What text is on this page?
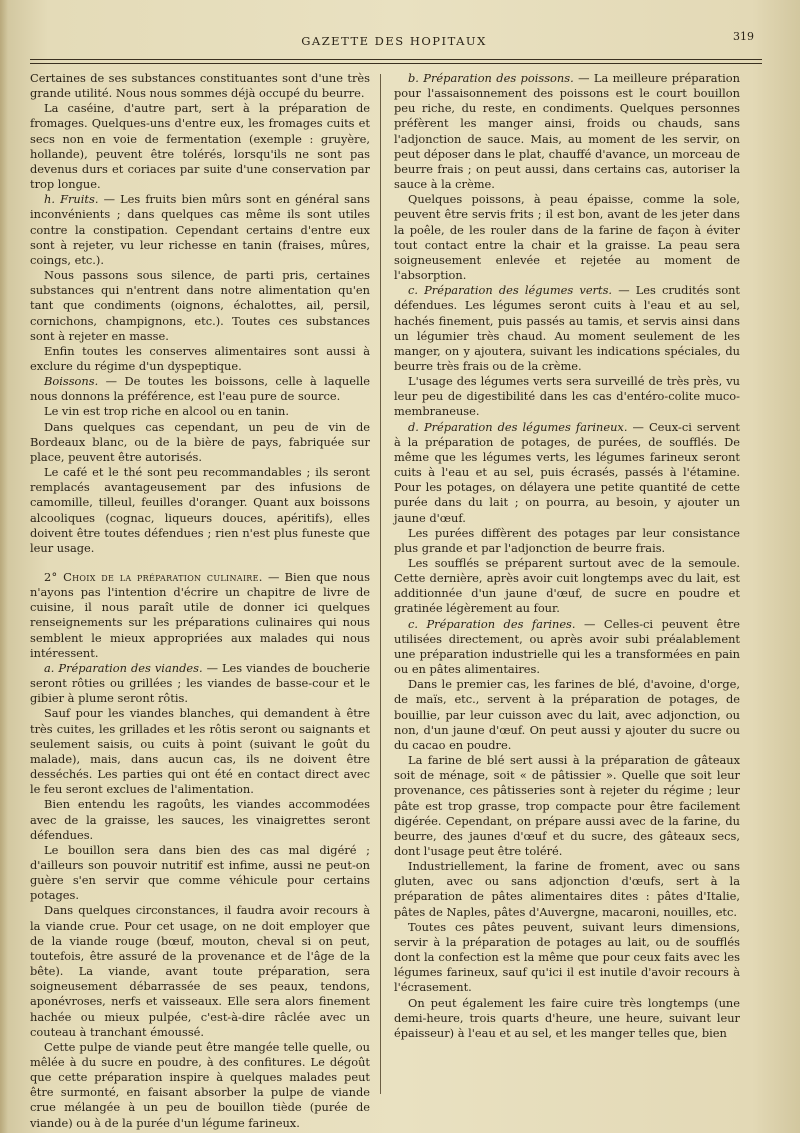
GAZETTE DES HOPITAUX	319

Certaines de ses substances constituantes sont d'une très grande utilité. Nous nous sommes déjà occupé du beurre.

La caséine, d'autre part, sert à la préparation de fromages. Quelques-uns d'entre eux, les fromages cuits et secs non en voie de fermentation (exemple : gruyère, hollande), peuvent être tolérés, lorsqu'ils ne sont pas devenus durs et coriaces par suite d'une conservation par trop longue.

h. Fruits. — Les fruits bien mûrs sont en général sans inconvénients ; dans quelques cas même ils sont utiles contre la constipation. Cependant certains d'entre eux sont à rejeter, vu leur richesse en tanin (fraises, mûres, coings, etc.).

Nous passons sous silence, de parti pris, certaines substances qui n'entrent dans notre alimentation qu'en tant que condiments (oignons, échalottes, ail, persil, cornichons, champignons, etc.). Toutes ces substances sont à rejeter en masse.

Enfin toutes les conserves alimentaires sont aussi à exclure du régime d'un dyspeptique.

Boissons. — De toutes les boissons, celle à laquelle nous donnons la préférence, est l'eau pure de source.

Le vin est trop riche en alcool ou en tanin.

Dans quelques cas cependant, un peu de vin de Bordeaux blanc, ou de la bière de pays, fabriquée sur place, peuvent être autorisés.

Le café et le thé sont peu recommandables ; ils seront remplacés avantageusement par des infusions de camomille, tilleul, feuilles d'oranger. Quant aux boissons alcooliques (cognac, liqueurs douces, apéritifs), elles doivent être toutes défendues ; rien n'est plus funeste que leur usage.

2° Choix de la préparation culinaire. — Bien que nous n'ayons pas l'intention d'écrire un chapitre de livre de cuisine, il nous paraît utile de donner ici quelques renseignements sur les préparations culinaires qui nous semblent le mieux appropriées aux malades qui nous intéressent.

a. Préparation des viandes. — Les viandes de boucherie seront rôties ou grillées ; les viandes de basse-cour et le gibier à plume seront rôtis.

Sauf pour les viandes blanches, qui demandent à être très cuites, les grillades et les rôtis seront ou saignants et seulement saisis, ou cuits à point (suivant le goût du malade), mais, dans aucun cas, ils ne doivent être desséchés. Les parties qui ont été en contact direct avec le feu seront exclues de l'alimentation.

Bien entendu les ragoûts, les viandes accommodées avec de la graisse, les sauces, les vinaigrettes seront défendues.

Le bouillon sera dans bien des cas mal digéré ; d'ailleurs son pouvoir nutritif est infime, aussi ne peut-on guère s'en servir que comme véhicule pour certains potages.

Dans quelques circonstances, il faudra avoir recours à la viande crue. Pour cet usage, on ne doit employer que de la viande rouge (bœuf, mouton, cheval si on peut, toutefois, être assuré de la provenance et de l'âge de la bête). La viande, avant toute préparation, sera soigneusement débarrassée de ses peaux, tendons, aponévroses, nerfs et vaisseaux. Elle sera alors finement hachée ou mieux pulpée, c'est-à-dire râclée avec un couteau à tranchant émoussé.

Cette pulpe de viande peut être mangée telle quelle, ou mêlée à du sucre en poudre, à des confitures. Le dégoût que cette préparation inspire à quelques malades peut être surmonté, en faisant absorber la pulpe de viande crue mélangée à un peu de bouillon tiède (purée de viande) ou à de la purée d'un légume farineux.

b. Préparation des poissons. — La meilleure préparation pour l'assaisonnement des poissons est le court bouillon peu riche, du reste, en condiments. Quelques personnes préfèrent les manger ainsi, froids ou chauds, sans l'adjonction de sauce. Mais, au moment de les servir, on peut déposer dans le plat, chauffé d'avance, un morceau de beurre frais ; on peut aussi, dans certains cas, autoriser la sauce à la crème.

Quelques poissons, à peau épaisse, comme la sole, peuvent être servis frits ; il est bon, avant de les jeter dans la poêle, de les rouler dans de la farine de façon à éviter tout contact entre la chair et la graisse. La peau sera soigneusement enlevée et rejetée au moment de l'absorption.

c. Préparation des légumes verts. — Les crudités sont défendues. Les légumes seront cuits à l'eau et au sel, hachés finement, puis passés au tamis, et servis ainsi dans un légumier très chaud. Au moment seulement de les manger, on y ajoutera, suivant les indications spéciales, du beurre très frais ou de la crème.

L'usage des légumes verts sera surveillé de très près, vu leur peu de digestibilité dans les cas d'entéro-colite muco-membraneuse.

d. Préparation des légumes farineux. — Ceux-ci servent à la préparation de potages, de purées, de soufflés. De même que les légumes verts, les légumes farineux seront cuits à l'eau et au sel, puis écrasés, passés à l'étamine. Pour les potages, on délayera une petite quantité de cette purée dans du lait ; on pourra, au besoin, y ajouter un jaune d'œuf.

Les purées diffèrent des potages par leur consistance plus grande et par l'adjonction de beurre frais.

Les soufflés se préparent surtout avec de la semoule. Cette dernière, après avoir cuit longtemps avec du lait, est additionnée d'un jaune d'œuf, de sucre en poudre et gratinée légèrement au four.

c. Préparation des farines. — Celles-ci peuvent être utilisées directement, ou après avoir subi préalablement une préparation industrielle qui les a transformées en pain ou en pâtes alimentaires.

Dans le premier cas, les farines de blé, d'avoine, d'orge, de maïs, etc., servent à la préparation de potages, de bouillie, par leur cuisson avec du lait, avec adjonction, ou non, d'un jaune d'œuf. On peut aussi y ajouter du sucre ou du cacao en poudre.

La farine de blé sert aussi à la préparation de gâteaux soit de ménage, soit « de pâtissier ». Quelle que soit leur provenance, ces pâtisseries sont à rejeter du régime ; leur pâte est trop grasse, trop compacte pour être facilement digérée. Cependant, on prépare aussi avec de la farine, du beurre, des jaunes d'œuf et du sucre, des gâteaux secs, dont l'usage peut être toléré.

Industriellement, la farine de froment, avec ou sans gluten, avec ou sans adjonction d'œufs, sert à la préparation de pâtes alimentaires dites : pâtes d'Italie, pâtes de Naples, pâtes d'Auvergne, macaroni, nouilles, etc.

Toutes ces pâtes peuvent, suivant leurs dimensions, servir à la préparation de potages au lait, ou de soufflés dont la confection est la même que pour ceux faits avec les légumes farineux, sauf qu'ici il est inutile d'avoir recours à l'écrasement.

On peut également les faire cuire très longtemps (une demi-heure, trois quarts d'heure, une heure, suivant leur épaisseur) à l'eau et au sel, et les manger telles que, bien
